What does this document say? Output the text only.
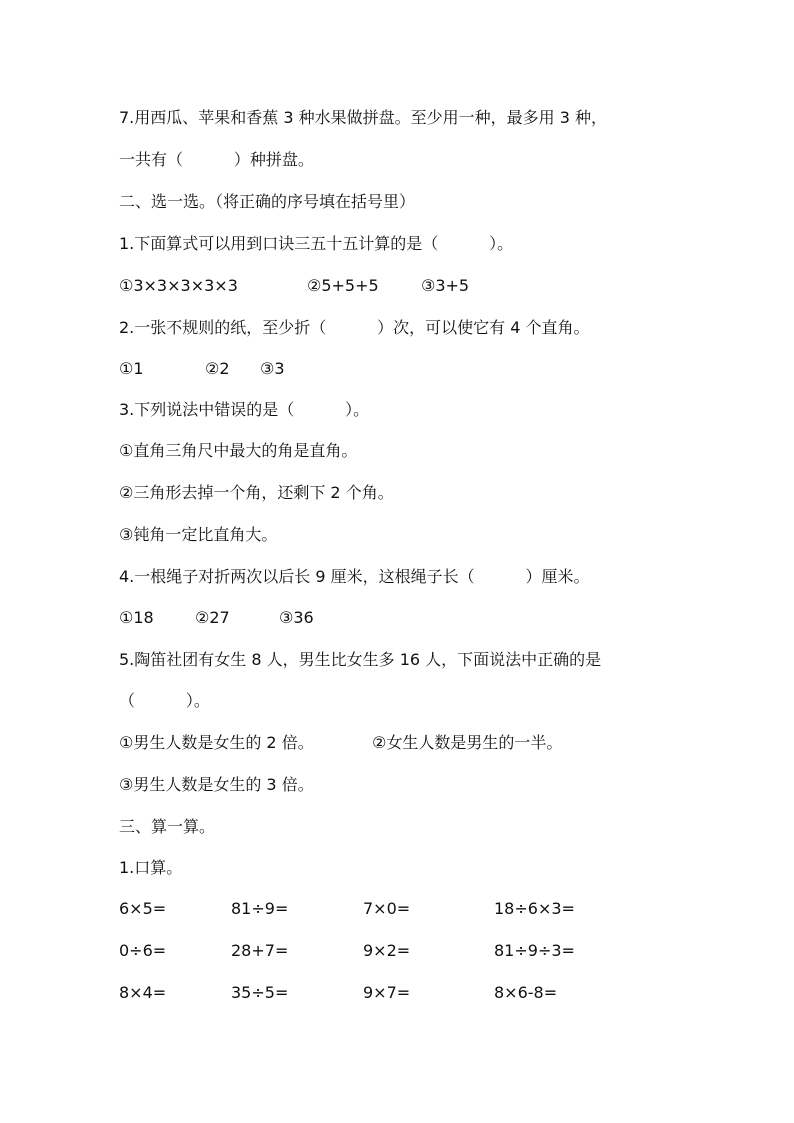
7.用西瓜、苹果和香蕉 3 种水果做拼盘。至少用一种，最多用 3 种，
一共有（          ）种拼盘。
二、选一选。（将正确的序号填在括号里）
1.下面算式可以用到口诀三五十五计算的是（          ）。
①3×3×3×3×3	②5+5+5	③3+5
2.一张不规则的纸，至少折（          ）次，可以使它有 4 个直角。
①1	②2 ③3
3.下列说法中错误的是（          ）。
①直角三角尺中最大的角是直角。
②三角形去掉一个角，还剩下 2 个角。
③钝角一定比直角大。
4.一根绳子对折两次以后长 9 厘米，这根绳子长（          ）厘米。
①18	②27	③36
5.陶笛社团有女生 8 人，男生比女生多 16 人，下面说法中正确的是
（          ）。
①男生人数是女生的 2 倍。	②女生人数是男生的一半。
③男生人数是女生的 3 倍。
三、算一算。
1.口算。
6×5=	81÷9=	7×0=	18÷6×3=
0÷6=	28+7=	9×2=	81÷9÷3=
8×4=	35÷5=	9×7=	8×6-8=
